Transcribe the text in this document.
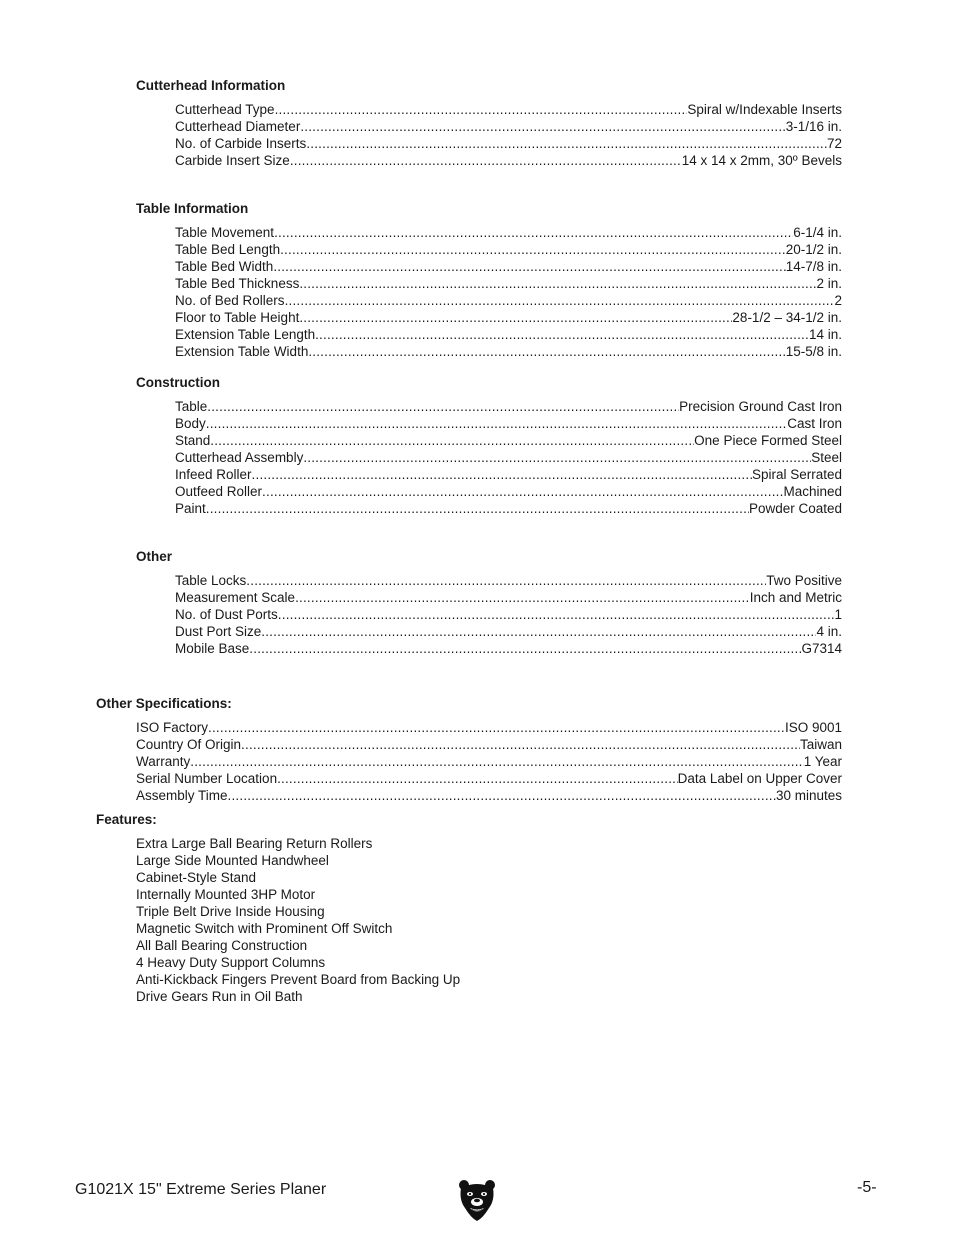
Cutterhead Information
Cutterhead Type .....	Spiral w/Indexable Inserts
Cutterhead Diameter .....	3-1/16 in.
No. of Carbide Inserts .....	72
Carbide Insert Size .....	14 x 14 x 2mm, 30º Bevels
Table Information
Table Movement .....	6-1/4 in.
Table Bed Length .....	20-1/2 in.
Table Bed Width .....	14-7/8 in.
Table Bed Thickness .....	2 in.
No. of Bed Rollers .....	2
Floor to Table Height .....	28-1/2 – 34-1/2 in.
Extension Table Length .....	14 in.
Extension Table Width .....	15-5/8 in.
Construction
Table .....	Precision Ground Cast Iron
Body .....	Cast Iron
Stand .....	One Piece Formed Steel
Cutterhead Assembly .....	Steel
Infeed Roller .....	Spiral Serrated
Outfeed Roller .....	Machined
Paint .....	Powder Coated
Other
Table Locks .....	Two Positive
Measurement Scale .....	Inch and Metric
No. of Dust Ports .....	1
Dust Port Size .....	4 in.
Mobile Base .....	G7314
Other Specifications:
ISO Factory .....	ISO 9001
Country Of Origin .....	Taiwan
Warranty .....	1 Year
Serial Number Location .....	Data Label on Upper Cover
Assembly Time .....	30 minutes
Features:
Extra Large Ball Bearing Return Rollers
Large Side Mounted Handwheel
Cabinet-Style Stand
Internally Mounted 3HP Motor
Triple Belt Drive Inside Housing
Magnetic Switch with Prominent Off Switch
All Ball Bearing Construction
4 Heavy Duty Support Columns
Anti-Kickback Fingers Prevent Board from Backing Up
Drive Gears Run in Oil Bath
G1021X 15" Extreme Series Planer	-5-
